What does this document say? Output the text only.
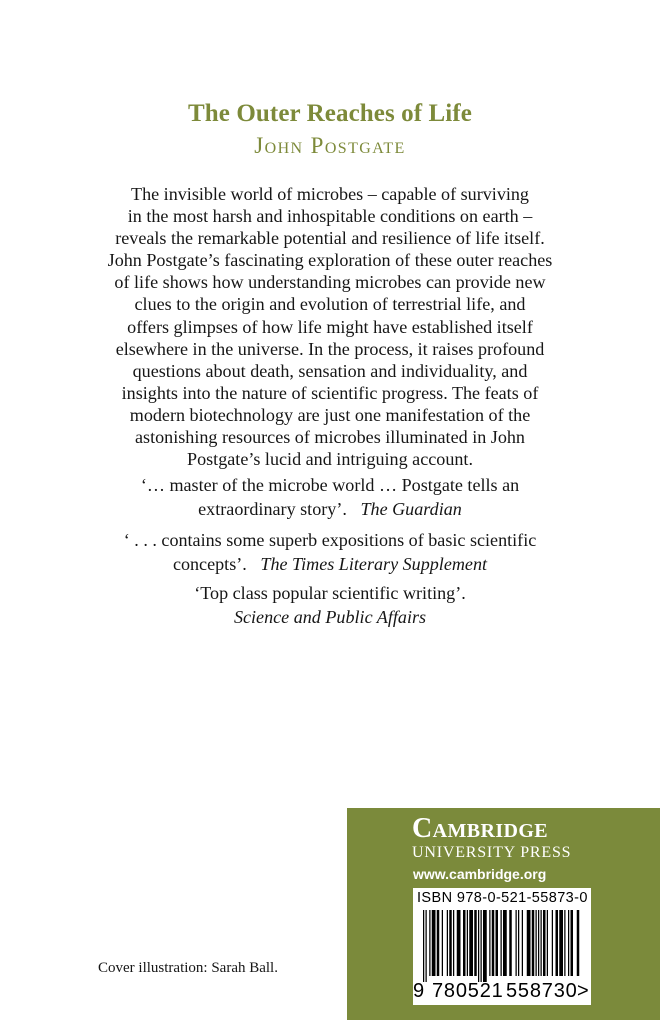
The Outer Reaches of Life
John Postgate
The invisible world of microbes – capable of surviving
in the most harsh and inhospitable conditions on earth –
reveals the remarkable potential and resilience of life itself.
John Postgate’s fascinating exploration of these outer reaches
of life shows how understanding microbes can provide new
clues to the origin and evolution of terrestrial life, and
offers glimpses of how life might have established itself
elsewhere in the universe. In the process, it raises profound
questions about death, sensation and individuality, and
insights into the nature of scientific progress. The feats of
modern biotechnology are just one manifestation of the
astonishing resources of microbes illuminated in John
Postgate’s lucid and intriguing account.
‘… master of the microbe world … Postgate tells an
extraordinary story’. The Guardian
‘ . . . contains some superb expositions of basic scientific
concepts’. The Times Literary Supplement
‘Top class popular scientific writing’.
Science and Public Affairs
Cover illustration: Sarah Ball.
Cambridge
UNIVERSITY PRESS
www.cambridge.org
ISBN 978-0-521-55873-0
9 780521 558730 >
